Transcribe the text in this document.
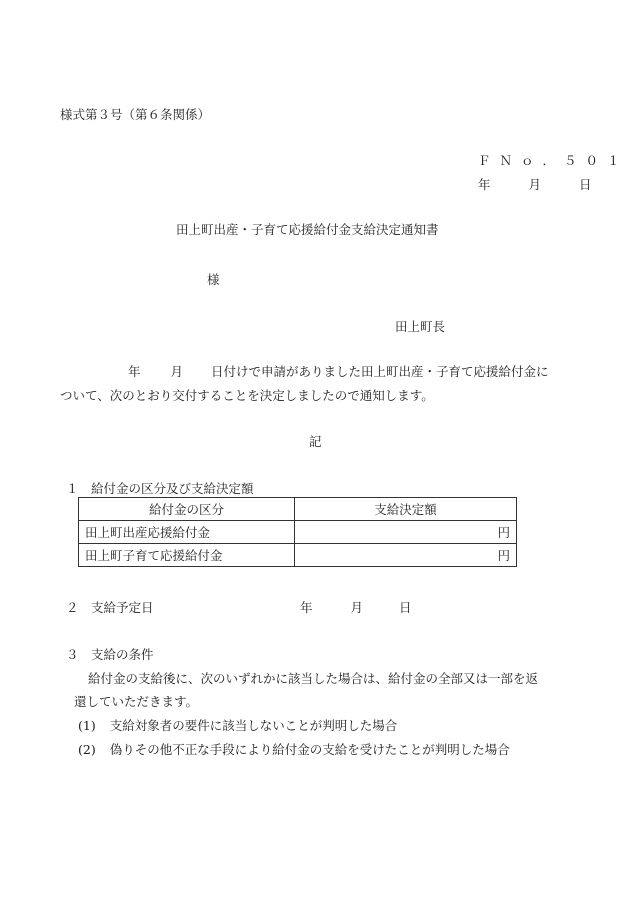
様式第３号（第６条関係）
ＦＮｏ．５０１
年	月	日
田上町出産・子育て応援給付金支給決定通知書
様
田上町長
年 月 日付けで申請がありました田上町出産・子育て応援給付金に
ついて、次のとおり交付することを決定しましたので通知します。
記
１　給付金の区分及び支給決定額
給付金の区分	支給決定額
田上町出産応援給付金	円
田上町子育て応援給付金	円
２　支給予定日	年	月	日
３　支給の条件
給付金の支給後に、次のいずれかに該当した場合は、給付金の全部又は一部を返
還していただきます。
(1) 支給対象者の要件に該当しないことが判明した場合
(2) 偽りその他不正な手段により給付金の支給を受けたことが判明した場合
